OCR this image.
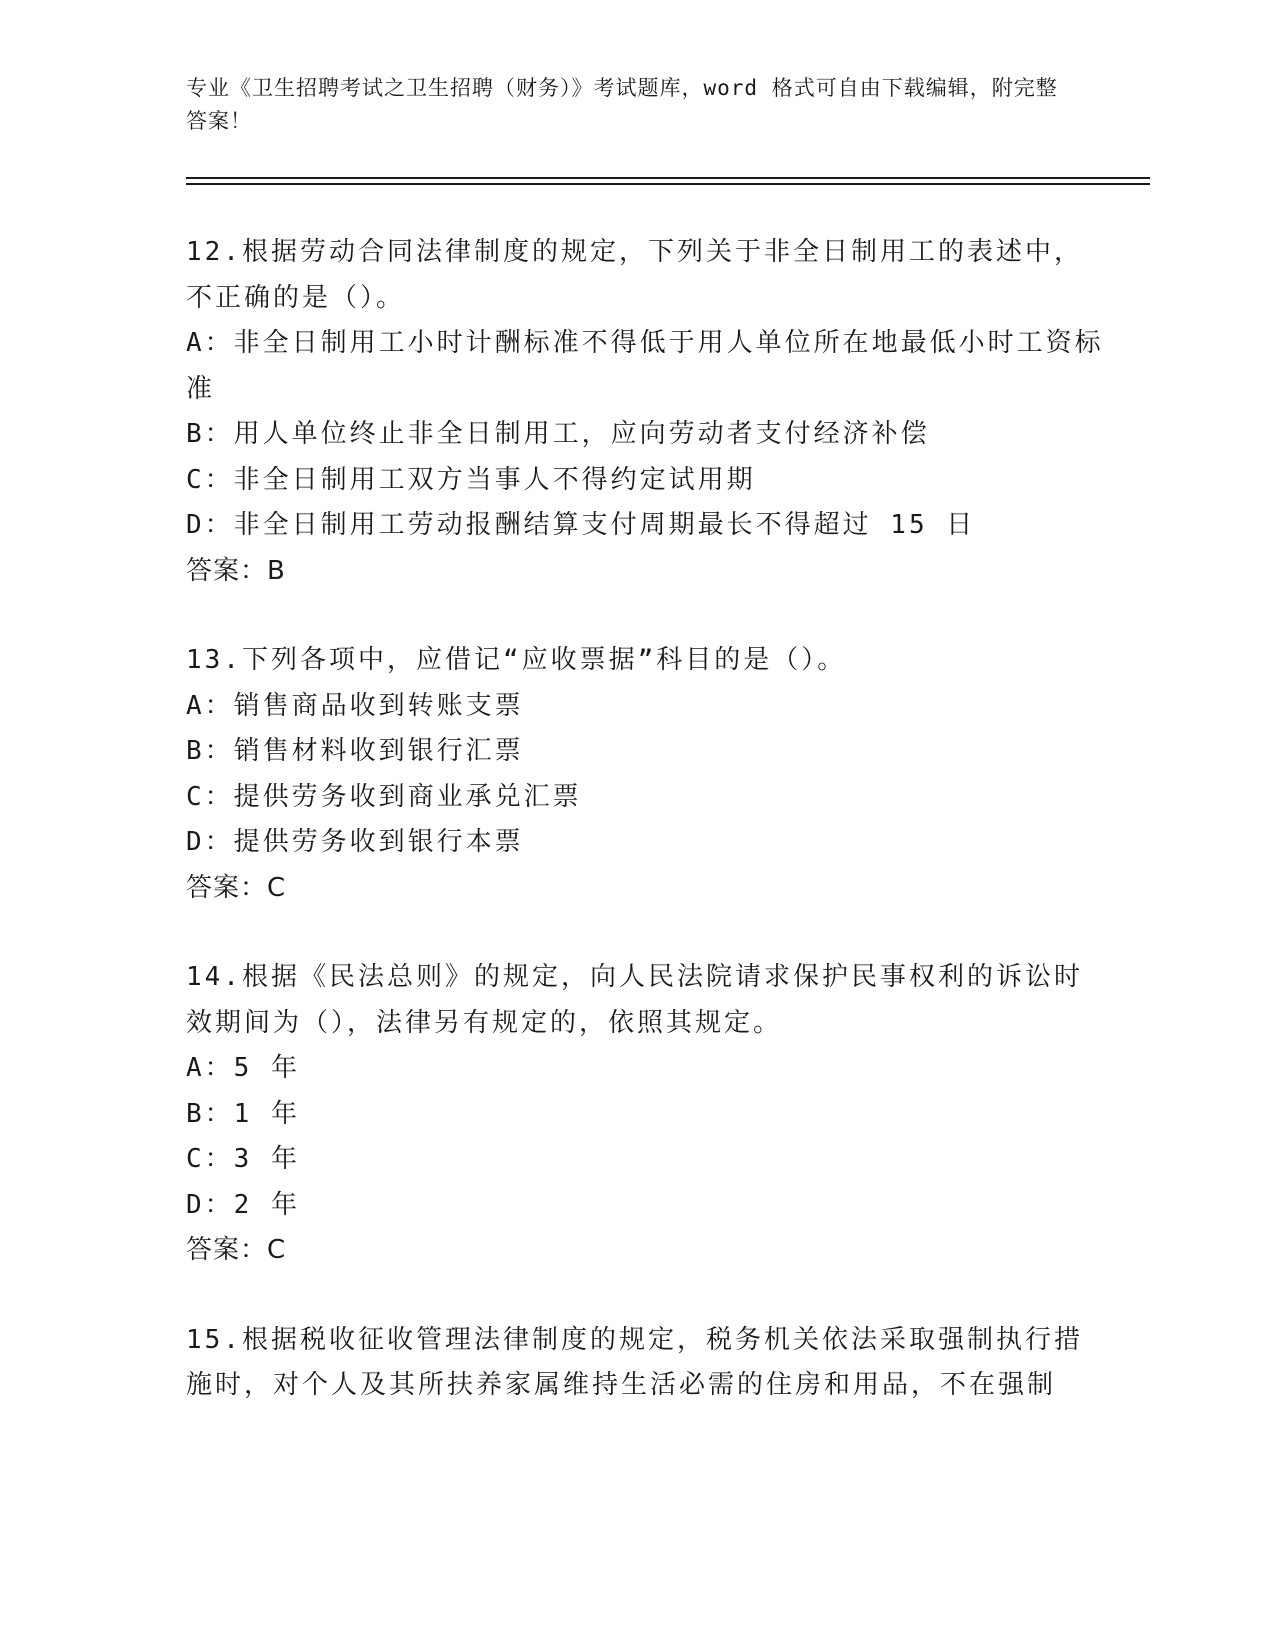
专业《卫生招聘考试之卫生招聘（财务）》考试题库，word 格式可自由下载编辑，附完整答案！
12.根据劳动合同法律制度的规定，下列关于非全日制用工的表述中，不正确的是（）。
A：非全日制用工小时计酬标准不得低于用人单位所在地最低小时工资标准
B：用人单位终止非全日制用工，应向劳动者支付经济补偿
C：非全日制用工双方当事人不得约定试用期
D：非全日制用工劳动报酬结算支付周期最长不得超过 15 日
答案：B
13.下列各项中，应借记“应收票据”科目的是（）。
A：销售商品收到转账支票
B：销售材料收到银行汇票
C：提供劳务收到商业承兑汇票
D：提供劳务收到银行本票
答案：C
14.根据《民法总则》的规定，向人民法院请求保护民事权利的诉讼时效期间为（），法律另有规定的，依照其规定。
A：5 年
B：1 年
C：3 年
D：2 年
答案：C
15.根据税收征收管理法律制度的规定，税务机关依法采取强制执行措施时，对个人及其所扶养家属维持生活必需的住房和用品，不在强制
